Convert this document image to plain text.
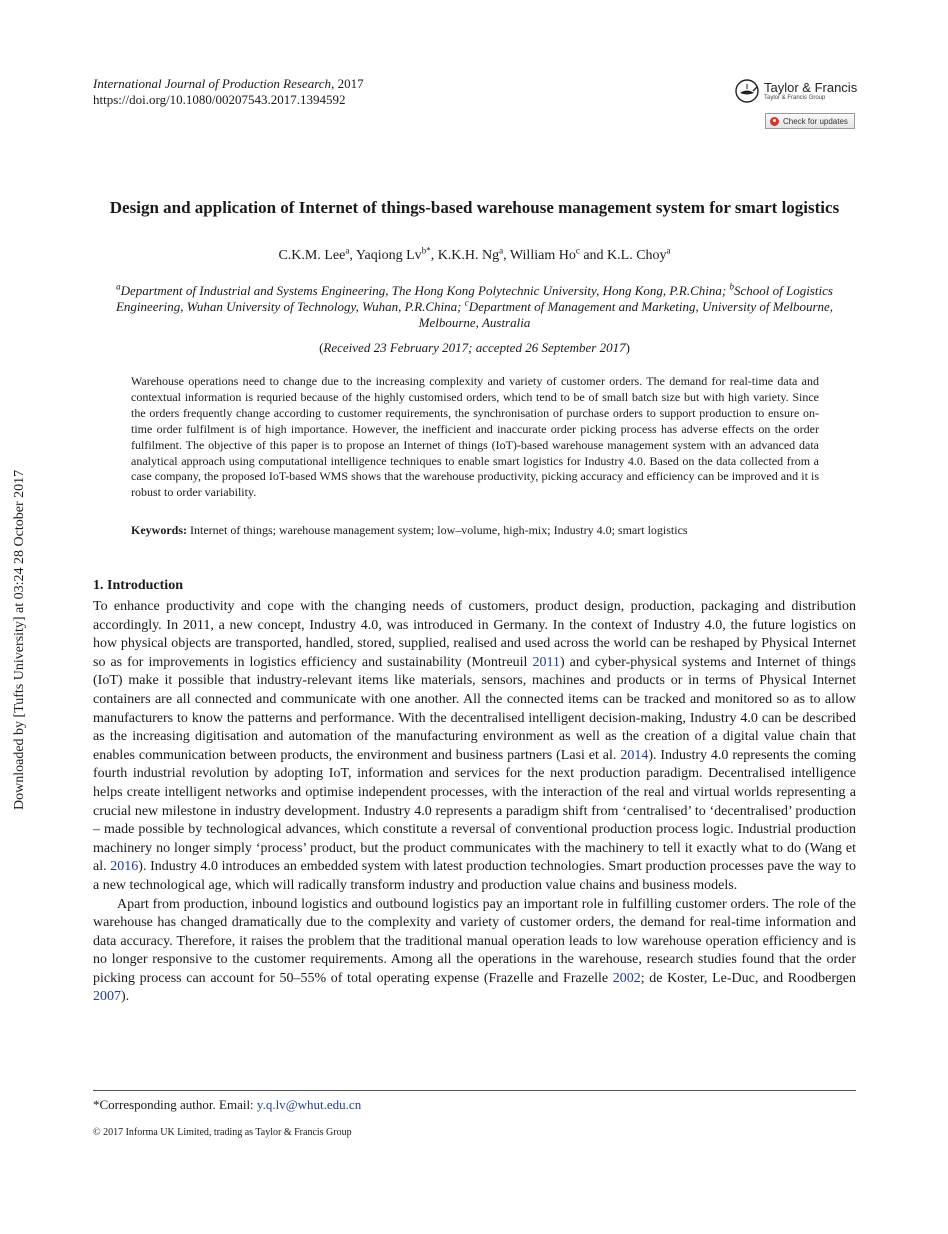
International Journal of Production Research, 2017
https://doi.org/10.1080/00207543.2017.1394592
Taylor & Francis
Taylor & Francis Group
Check for updates
Downloaded by [Tufts University] at 03:24 28 October 2017
Design and application of Internet of things-based warehouse management system for smart logistics
C.K.M. Lee$^a$, Yaqiong $Lv^{b*}$, K.K.H. Ng$^a$, William Ho$^c$ and K.L. Choy$^a$
$^a$Department of Industrial and Systems Engineering, The Hong Kong Polytechnic University, Hong Kong, P.R.China; $^b$School of Logistics Engineering, Wuhan University of Technology, Wuhan, P.R.China; $^c$Department of Management and Marketing, University of Melbourne, Melbourne, Australia
(Received 23 February 2017; accepted 26 September 2017)
Warehouse operations need to change due to the increasing complexity and variety of customer orders. The demand for real-time data and contextual information is requried because of the highly customised orders, which tend to be of small batch size but with high variety. Since the orders frequently change according to customer requirements, the synchronisation of purchase orders to support production to ensure on-time order fulfilment is of high importance. However, the inefficient and inaccurate order picking process has adverse effects on the order fulfilment. The objective of this paper is to propose an Internet of things (IoT)-based warehouse management system with an advanced data analytical approach using computational intelligence techniques to enable smart logistics for Industry 4.0. Based on the data collected from a case company, the proposed IoT-based WMS shows that the warehouse productivity, picking accuracy and efficiency can be improved and it is robust to order variability.
Keywords: Internet of things; warehouse management system; low–volume, high-mix; Industry 4.0; smart logistics
1. Introduction

To enhance productivity and cope with the changing needs of customers, product design, production, packaging and distribution accordingly. In 2011, a new concept, Industry 4.0, was introduced in Germany. In the context of Industry 4.0, the future logistics on how physical objects are transported, handled, stored, supplied, realised and used across the world can be reshaped by Physical Internet so as for improvements in logistics efficiency and sustainability (Montreuil 2011) and cyber-physical systems and Internet of things (IoT) make it possible that industry-relevant items like materials, sensors, machines and products or in terms of Physical Internet containers are all connected and communicate with one another. All the connected items can be tracked and monitored so as to allow manufacturers to know the patterns and performance. With the decentralised intelligent decision-making, Industry 4.0 can be described as the increasing digitisation and automation of the manufacturing environment as well as the creation of a digital value chain that enables communication between products, the environment and business partners (Lasi et al. 2014). Industry 4.0 represents the coming fourth industrial revolution by adopting IoT, information and services for the next production paradigm. Decentralised intelligence helps create intelligent networks and optimise independent processes, with the interaction of the real and virtual worlds representing a crucial new milestone in industry development. Industry 4.0 represents a paradigm shift from ‘centralised’ to ‘decentralised’ production – made possible by technological advances, which constitute a reversal of conventional production process logic. Industrial production machinery no longer simply ‘process’ product, but the product communicates with the machinery to tell it exactly what to do (Wang et al. 2016). Industry 4.0 introduces an embedded system with latest production technologies. Smart production processes pave the way to a new technological age, which will radically transform industry and production value chains and business models.

Apart from production, inbound logistics and outbound logistics pay an important role in fulfilling customer orders. The role of the warehouse has changed dramatically due to the complexity and variety of customer orders, the demand for real-time information and data accuracy. Therefore, it raises the problem that the traditional manual operation leads to low warehouse operation efficiency and is no longer responsive to the customer requirements. Among all the operations in the warehouse, research studies found that the order picking process can account for 50–55% of total operating expense (Frazelle and Frazelle 2002; de Koster, Le-Duc, and Roodbergen 2007).

*Corresponding author. Email: y.q.lv@whut.edu.cn
© 2017 Informa UK Limited, trading as Taylor & Francis Group
